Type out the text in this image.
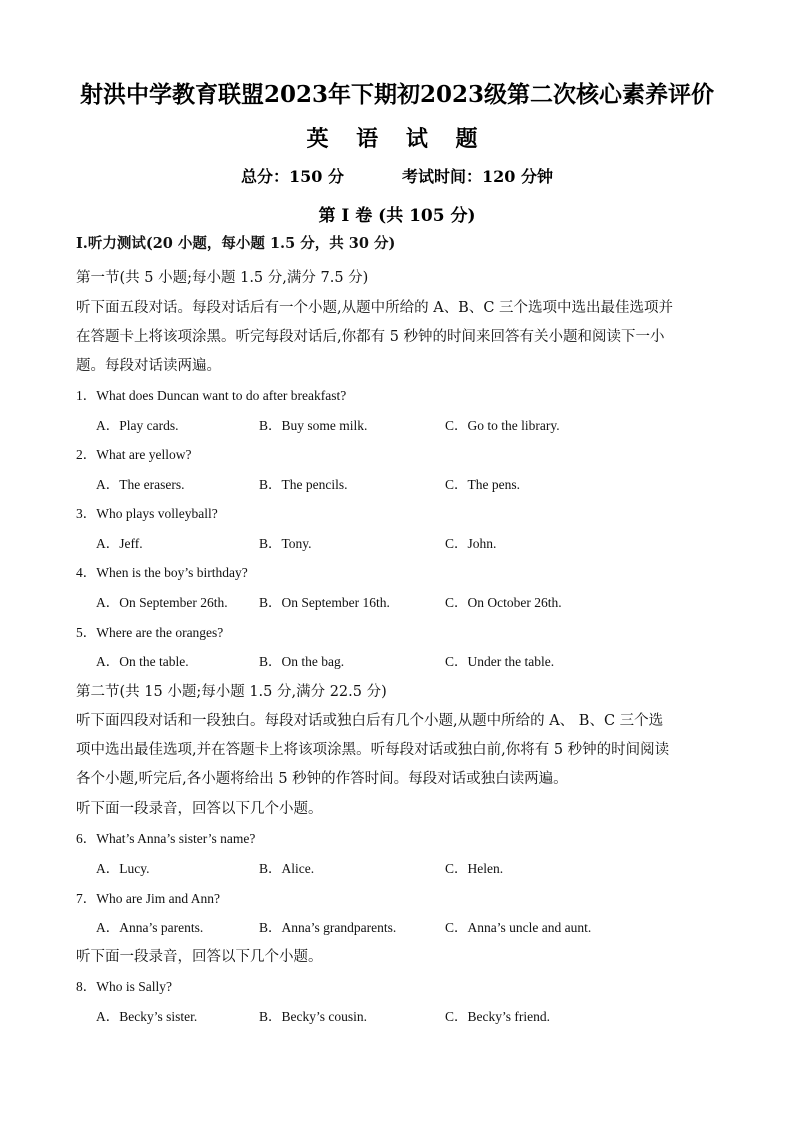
射洪中学教育联盟2023年下期初2023级第二次核心素养评价
英 语 试 题
总分：150 分	考试时间：120 分钟
第 I 卷 (共 105 分)
I.听力测试(20 小题，每小题 1.5 分，共 30 分)
第一节(共 5 小题;每小题 1.5 分,满分 7.5 分)
听下面五段对话。每段对话后有一个小题,从题中所给的 A、B、C 三个选项中选出最佳选项并
在答题卡上将该项涂黑。听完每段对话后,你都有 5 秒钟的时间来回答有关小题和阅读下一小
题。每段对话读两遍。
1．What does Duncan want to do after breakfast?
A．Play cards.	B．Buy some milk.	C．Go to the library.
2．What are yellow?
A．The erasers.	B．The pencils.	C．The pens.
3．Who plays volleyball?
A．Jeff.	B．Tony.	C．John.
4．When is the boy’s birthday?
A．On September 26th. B．On September 16th.	C．On October 26th.
5．Where are the oranges?
A．On the table.	B．On the bag.	C．Under the table.
第二节(共 15 小题;每小题 1.5 分,满分 22.5 分)
听下面四段对话和一段独白。每段对话或独白后有几个小题,从题中所给的 A、 B、C 三个选
项中选出最佳选项,并在答题卡上将该项涂黑。听每段对话或独白前,你将有 5 秒钟的时间阅读
各个小题,听完后,各小题将给出 5 秒钟的作答时间。每段对话或独白读两遍。
听下面一段录音，回答以下几个小题。
6．What’s Anna’s sister’s name?
A．Lucy.	B．Alice.	C．Helen.
7．Who are Jim and Ann?
A．Anna’s parents.	B．Anna’s grandparents.	C．Anna’s uncle and aunt.
听下面一段录音，回答以下几个小题。
8．Who is Sally?
A．Becky’s sister.	B．Becky’s cousin.	C．Becky’s friend.
